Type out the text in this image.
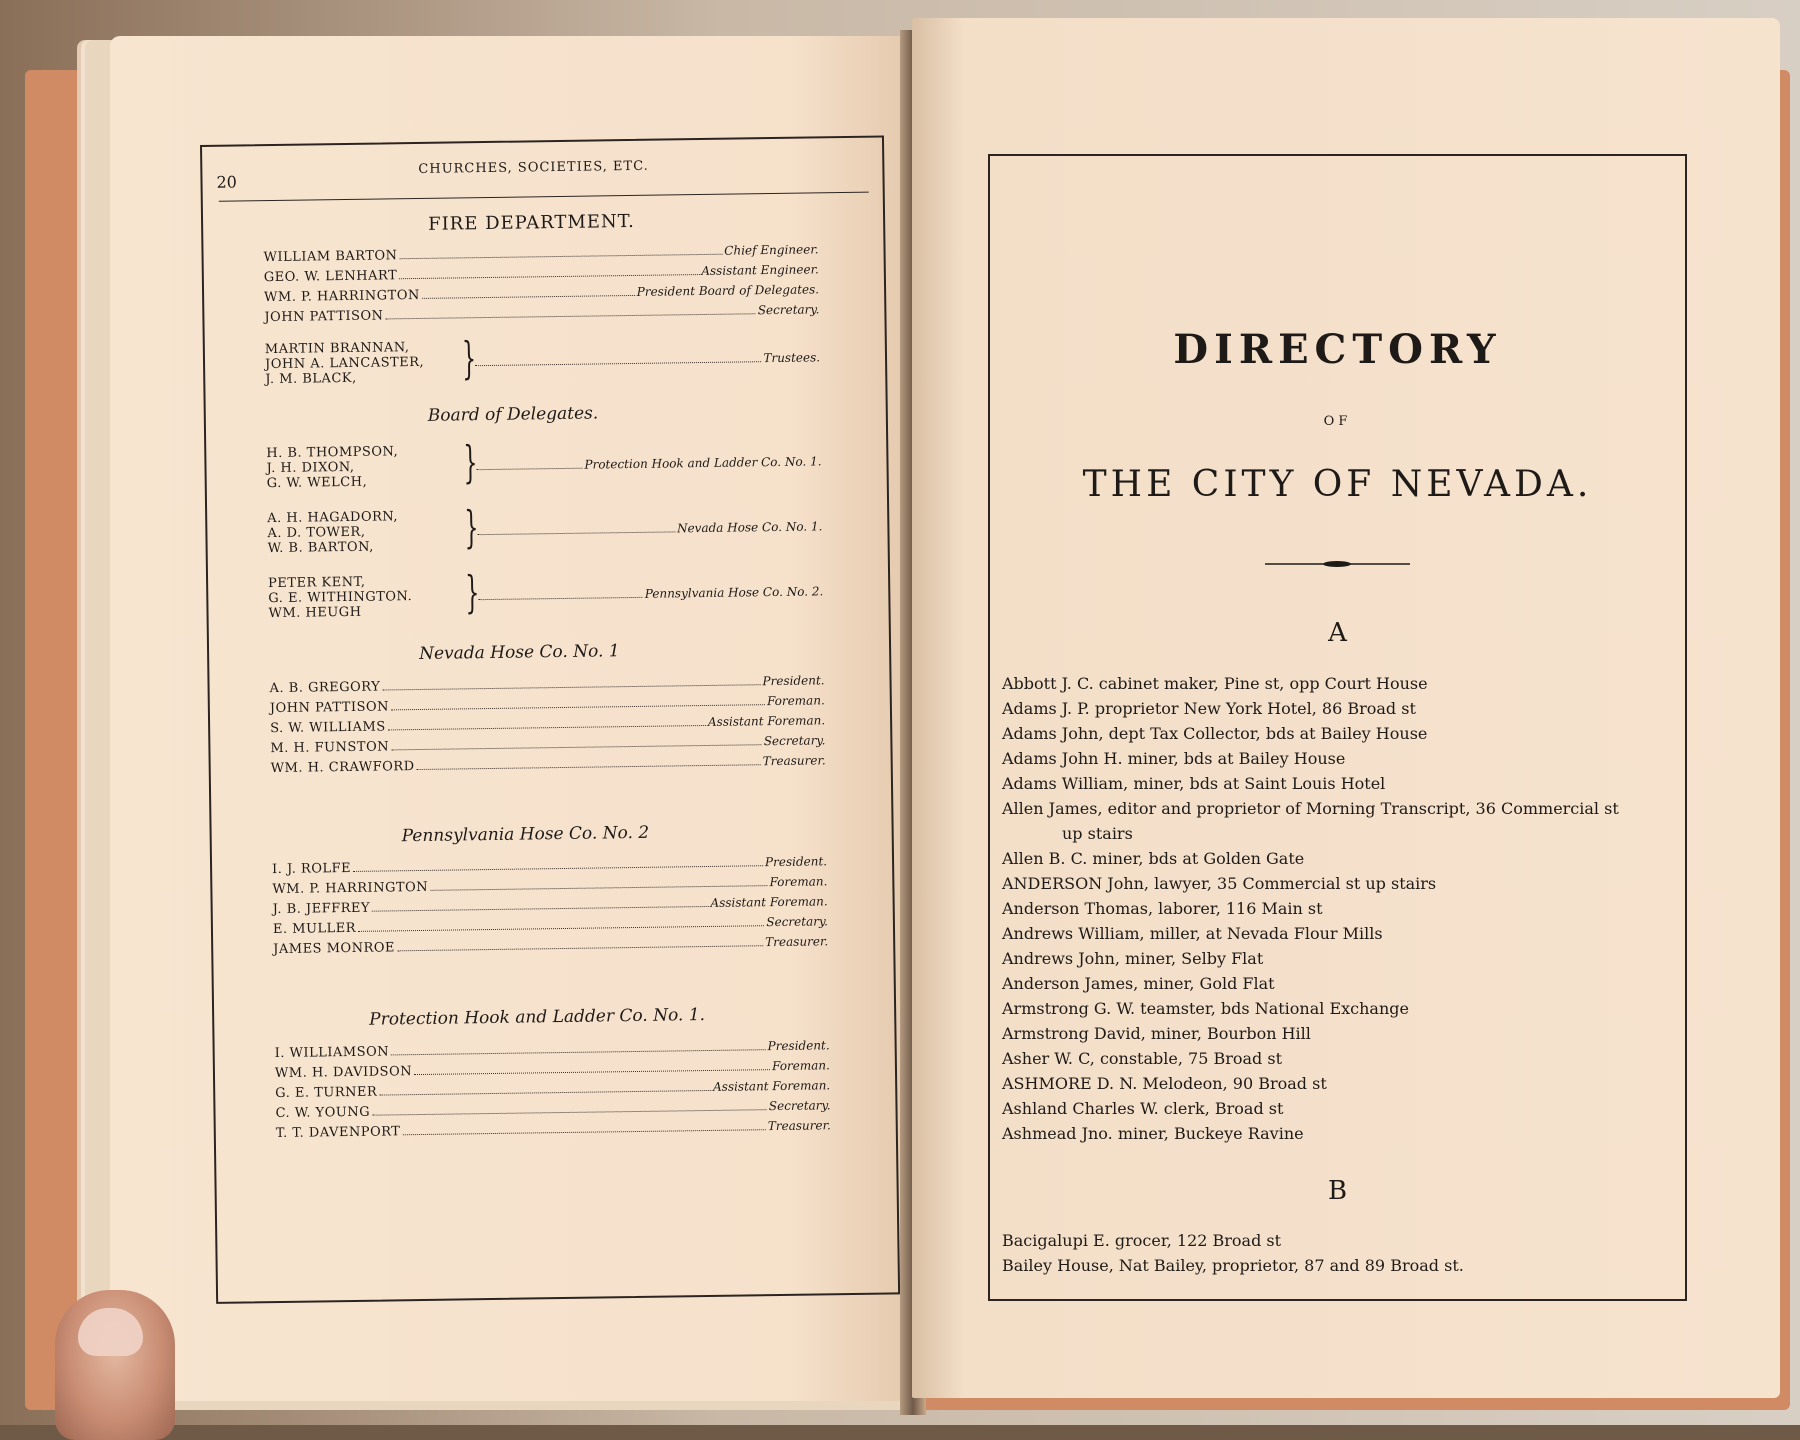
20
CHURCHES, SOCIETIES, ETC.
FIRE DEPARTMENT.
WILLIAM BARTON	Chief Engineer.
GEO. W. LENHART	Assistant Engineer.
WM. P. HARRINGTON	President Board of Delegates.
JOHN PATTISON	Secretary.
MARTIN BRANNAN,
JOHN A. LANCASTER,
J. M. BLACK,	}	Trustees.
Board of Delegates.
H. B. THOMPSON,
J. H. DIXON,
G. W. WELCH,	}	Protection Hook and Ladder Co. No. 1.
A. H. HAGADORN,
A. D. TOWER,
W. B. BARTON,	}	Nevada Hose Co. No. 1.
PETER KENT,
G. E. WITHINGTON.
WM. HEUGH	}	Pennsylvania Hose Co. No. 2.
Nevada Hose Co. No. 1
A. B. GREGORY	President.
JOHN PATTISON	Foreman.
S. W. WILLIAMS	Assistant Foreman.
M. H. FUNSTON	Secretary.
WM. H. CRAWFORD	Treasurer.
Pennsylvania Hose Co. No. 2
I. J. ROLFE	President.
WM. P. HARRINGTON	Foreman.
J. B. JEFFREY	Assistant Foreman.
E. MULLER	Secretary.
JAMES MONROE	Treasurer.
Protection Hook and Ladder Co. No. 1.
I. WILLIAMSON	President.
WM. H. DAVIDSON	Foreman.
G. E. TURNER	Assistant Foreman.
C. W. YOUNG	Secretary.
T. T. DAVENPORT	Treasurer.
DIRECTORY
OF
THE CITY OF NEVADA.
A
Abbott J. C. cabinet maker, Pine st, opp Court House
Adams J. P. proprietor New York Hotel, 86 Broad st
Adams John, dept Tax Collector, bds at Bailey House
Adams John H. miner, bds at Bailey House
Adams William, miner, bds at Saint Louis Hotel
Allen James, editor and proprietor of Morning Transcript, 36 Commercial st
up stairs
Allen B. C. miner, bds at Golden Gate
ANDERSON John, lawyer, 35 Commercial st up stairs
Anderson Thomas, laborer, 116 Main st
Andrews William, miller, at Nevada Flour Mills
Andrews John, miner, Selby Flat
Anderson James, miner, Gold Flat
Armstrong G. W. teamster, bds National Exchange
Armstrong David, miner, Bourbon Hill
Asher W. C, constable, 75 Broad st
ASHMORE D. N. Melodeon, 90 Broad st
Ashland Charles W. clerk, Broad st
Ashmead Jno. miner, Buckeye Ravine
B
Bacigalupi E. grocer, 122 Broad st
Bailey House, Nat Bailey, proprietor, 87 and 89 Broad st.
